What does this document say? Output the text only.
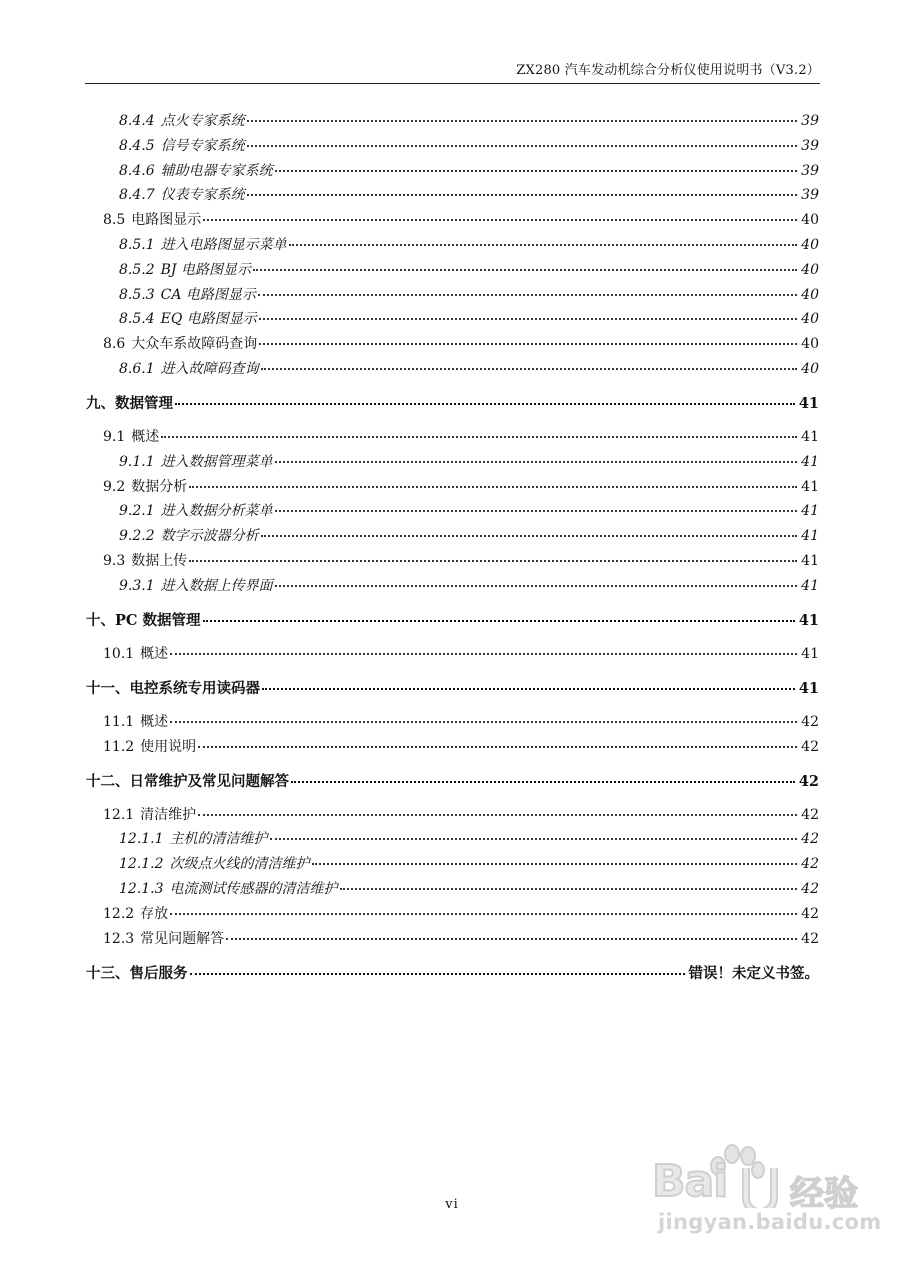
ZX280 汽车发动机综合分析仪使用说明书（V3.2）
8.4.4 点火专家系统	39
8.4.5 信号专家系统	39
8.4.6 辅助电器专家系统	39
8.4.7 仪表专家系统	39
8.5 电路图显示	40
8.5.1 进入电路图显示菜单	40
8.5.2 BJ 电路图显示	40
8.5.3 CA 电路图显示	40
8.5.4 EQ 电路图显示	40
8.6 大众车系故障码查询	40
8.6.1 进入故障码查询	40
九、数据管理	41
9.1 概述	41
9.1.1 进入数据管理菜单	41
9.2 数据分析	41
9.2.1 进入数据分析菜单	41
9.2.2 数字示波器分析	41
9.3 数据上传	41
9.3.1 进入数据上传界面	41
十、PC 数据管理	41
10.1 概述	41
十一、电控系统专用读码器	41
11.1 概述	42
11.2 使用说明	42
十二、日常维护及常见问题解答	42
12.1 清洁维护	42
12.1.1 主机的清洁维护	42
12.1.2 次级点火线的清洁维护	42
12.1.3 电流测试传感器的清洁维护	42
12.2 存放	42
12.3 常见问题解答	42
十三、售后服务	错误！未定义书签。
vi	Bai 经验
jingyan.baidu.com
